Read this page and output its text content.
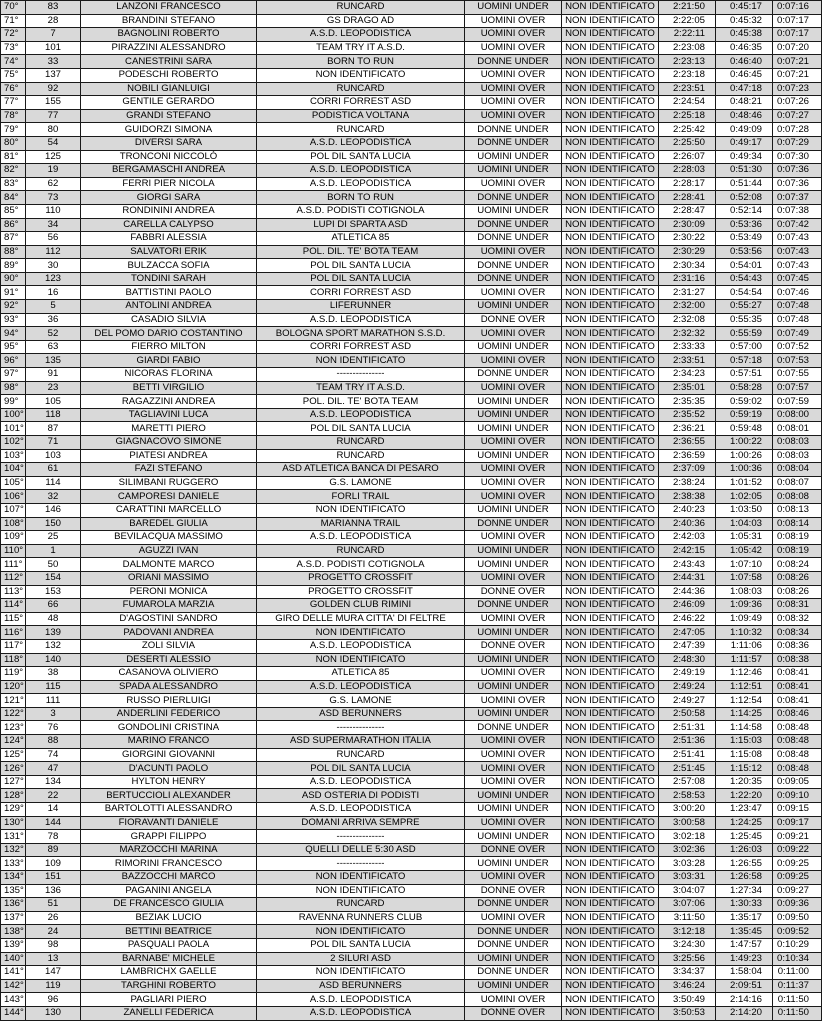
70°	83	LANZONI FRANCESCO	RUNCARD	UOMINI UNDER	NON IDENTIFICATO	2:21:50	0:45:17	0:07:16
71°	28	BRANDINI STEFANO	GS DRAGO AD	UOMINI OVER	NON IDENTIFICATO	2:22:05	0:45:32	0:07:17
72°	7	BAGNOLINI ROBERTO	A.S.D. LEOPODISTICA	UOMINI OVER	NON IDENTIFICATO	2:22:11	0:45:38	0:07:17
73°	101	PIRAZZINI ALESSANDRO	TEAM TRY IT A.S.D.	UOMINI OVER	NON IDENTIFICATO	2:23:08	0:46:35	0:07:20
74°	33	CANESTRINI SARA	BORN TO RUN	DONNE UNDER	NON IDENTIFICATO	2:23:13	0:46:40	0:07:21
75°	137	PODESCHI ROBERTO	NON IDENTIFICATO	UOMINI OVER	NON IDENTIFICATO	2:23:18	0:46:45	0:07:21
76°	92	NOBILI GIANLUIGI	RUNCARD	UOMINI OVER	NON IDENTIFICATO	2:23:51	0:47:18	0:07:23
77°	155	GENTILE GERARDO	CORRI FORREST ASD	UOMINI OVER	NON IDENTIFICATO	2:24:54	0:48:21	0:07:26
78°	77	GRANDI STEFANO	PODISTICA VOLTANA	UOMINI OVER	NON IDENTIFICATO	2:25:18	0:48:46	0:07:27
79°	80	GUIDORZI SIMONA	RUNCARD	DONNE UNDER	NON IDENTIFICATO	2:25:42	0:49:09	0:07:28
80°	54	DIVERSI SARA	A.S.D. LEOPODISTICA	DONNE UNDER	NON IDENTIFICATO	2:25:50	0:49:17	0:07:29
81°	125	TRONCONI NICCOLÒ	POL DIL SANTA LUCIA	UOMINI UNDER	NON IDENTIFICATO	2:26:07	0:49:34	0:07:30
82°	19	BERGAMASCHI ANDREA	A.S.D. LEOPODISTICA	UOMINI UNDER	NON IDENTIFICATO	2:28:03	0:51:30	0:07:36
83°	62	FERRI PIER NICOLA	A.S.D. LEOPODISTICA	UOMINI OVER	NON IDENTIFICATO	2:28:17	0:51:44	0:07:36
84°	73	GIORGI SARA	BORN TO RUN	DONNE UNDER	NON IDENTIFICATO	2:28:41	0:52:08	0:07:37
85°	110	RONDININI ANDREA	A.S.D. PODISTI COTIGNOLA	UOMINI UNDER	NON IDENTIFICATO	2:28:47	0:52:14	0:07:38
86°	34	CARELLA CALYPSO	LUPI DI SPARTA ASD	DONNE UNDER	NON IDENTIFICATO	2:30:09	0:53:36	0:07:42
87°	56	FABBRI ALESSIA	ATLETICA 85	DONNE UNDER	NON IDENTIFICATO	2:30:22	0:53:49	0:07:43
88°	112	SALVATORI ERIK	POL. DIL. TE' BOTA TEAM	UOMINI OVER	NON IDENTIFICATO	2:30:29	0:53:56	0:07:43
89°	30	BULZACCA SOFIA	POL DIL SANTA LUCIA	DONNE UNDER	NON IDENTIFICATO	2:30:34	0:54:01	0:07:43
90°	123	TONDINI SARAH	POL DIL SANTA LUCIA	DONNE UNDER	NON IDENTIFICATO	2:31:16	0:54:43	0:07:45
91°	16	BATTISTINI PAOLO	CORRI FORREST ASD	UOMINI OVER	NON IDENTIFICATO	2:31:27	0:54:54	0:07:46
92°	5	ANTOLINI ANDREA	LIFERUNNER	UOMINI UNDER	NON IDENTIFICATO	2:32:00	0:55:27	0:07:48
93°	36	CASADIO SILVIA	A.S.D. LEOPODISTICA	DONNE OVER	NON IDENTIFICATO	2:32:08	0:55:35	0:07:48
94°	52	DEL POMO DARIO COSTANTINO	BOLOGNA SPORT MARATHON S.S.D.	UOMINI OVER	NON IDENTIFICATO	2:32:32	0:55:59	0:07:49
95°	63	FIERRO MILTON	CORRI FORREST ASD	UOMINI UNDER	NON IDENTIFICATO	2:33:33	0:57:00	0:07:52
96°	135	GIARDI FABIO	NON IDENTIFICATO	UOMINI OVER	NON IDENTIFICATO	2:33:51	0:57:18	0:07:53
97°	91	NICORAS FLORINA	---------------	DONNE UNDER	NON IDENTIFICATO	2:34:23	0:57:51	0:07:55
98°	23	BETTI VIRGILIO	TEAM TRY IT A.S.D.	UOMINI OVER	NON IDENTIFICATO	2:35:01	0:58:28	0:07:57
99°	105	RAGAZZINI ANDREA	POL. DIL. TE' BOTA TEAM	UOMINI UNDER	NON IDENTIFICATO	2:35:35	0:59:02	0:07:59
100°	118	TAGLIAVINI LUCA	A.S.D. LEOPODISTICA	UOMINI UNDER	NON IDENTIFICATO	2:35:52	0:59:19	0:08:00
101°	87	MARETTI PIERO	POL DIL SANTA LUCIA	UOMINI UNDER	NON IDENTIFICATO	2:36:21	0:59:48	0:08:01
102°	71	GIAGNACOVO SIMONE	RUNCARD	UOMINI OVER	NON IDENTIFICATO	2:36:55	1:00:22	0:08:03
103°	103	PIATESI ANDREA	RUNCARD	UOMINI UNDER	NON IDENTIFICATO	2:36:59	1:00:26	0:08:03
104°	61	FAZI STEFANO	ASD ATLETICA BANCA DI PESARO	UOMINI OVER	NON IDENTIFICATO	2:37:09	1:00:36	0:08:04
105°	114	SILIMBANI RUGGERO	G.S. LAMONE	UOMINI OVER	NON IDENTIFICATO	2:38:24	1:01:52	0:08:07
106°	32	CAMPORESI DANIELE	FORLI TRAIL	UOMINI OVER	NON IDENTIFICATO	2:38:38	1:02:05	0:08:08
107°	146	CARATTINI MARCELLO	NON IDENTIFICATO	UOMINI UNDER	NON IDENTIFICATO	2:40:23	1:03:50	0:08:13
108°	150	BAREDEL GIULIA	MARIANNA TRAIL	DONNE UNDER	NON IDENTIFICATO	2:40:36	1:04:03	0:08:14
109°	25	BEVILACQUA MASSIMO	A.S.D. LEOPODISTICA	UOMINI OVER	NON IDENTIFICATO	2:42:03	1:05:31	0:08:19
110°	1	AGUZZI IVAN	RUNCARD	UOMINI UNDER	NON IDENTIFICATO	2:42:15	1:05:42	0:08:19
111°	50	DALMONTE MARCO	A.S.D. PODISTI COTIGNOLA	UOMINI UNDER	NON IDENTIFICATO	2:43:43	1:07:10	0:08:24
112°	154	ORIANI MASSIMO	PROGETTO CROSSFIT	UOMINI OVER	NON IDENTIFICATO	2:44:31	1:07:58	0:08:26
113°	153	PERONI MONICA	PROGETTO CROSSFIT	DONNE OVER	NON IDENTIFICATO	2:44:36	1:08:03	0:08:26
114°	66	FUMAROLA MARZIA	GOLDEN CLUB RIMINI	DONNE UNDER	NON IDENTIFICATO	2:46:09	1:09:36	0:08:31
115°	48	D'AGOSTINI SANDRO	GIRO DELLE MURA CITTA' DI FELTRE	UOMINI OVER	NON IDENTIFICATO	2:46:22	1:09:49	0:08:32
116°	139	PADOVANI ANDREA	NON IDENTIFICATO	UOMINI UNDER	NON IDENTIFICATO	2:47:05	1:10:32	0:08:34
117°	132	ZOLI SILVIA	A.S.D. LEOPODISTICA	DONNE OVER	NON IDENTIFICATO	2:47:39	1:11:06	0:08:36
118°	140	DESERTI ALESSIO	NON IDENTIFICATO	UOMINI UNDER	NON IDENTIFICATO	2:48:30	1:11:57	0:08:38
119°	38	CASANOVA OLIVIERO	ATLETICA 85	UOMINI OVER	NON IDENTIFICATO	2:49:19	1:12:46	0:08:41
120°	115	SPADA ALESSANDRO	A.S.D. LEOPODISTICA	UOMINI UNDER	NON IDENTIFICATO	2:49:24	1:12:51	0:08:41
121°	111	RUSSO PIERLUIGI	G.S. LAMONE	UOMINI OVER	NON IDENTIFICATO	2:49:27	1:12:54	0:08:41
122°	3	ANDERLINI FEDERICO	ASD BERUNNERS	UOMINI UNDER	NON IDENTIFICATO	2:50:58	1:14:25	0:08:46
123°	76	GONDOLINI CRISTINA	---------------	DONNE UNDER	NON IDENTIFICATO	2:51:31	1:14:58	0:08:48
124°	88	MARINO FRANCO	ASD SUPERMARATHON ITALIA	UOMINI OVER	NON IDENTIFICATO	2:51:36	1:15:03	0:08:48
125°	74	GIORGINI GIOVANNI	RUNCARD	UOMINI OVER	NON IDENTIFICATO	2:51:41	1:15:08	0:08:48
126°	47	D'ACUNTI PAOLO	POL DIL SANTA LUCIA	UOMINI OVER	NON IDENTIFICATO	2:51:45	1:15:12	0:08:48
127°	134	HYLTON HENRY	A.S.D. LEOPODISTICA	UOMINI OVER	NON IDENTIFICATO	2:57:08	1:20:35	0:09:05
128°	22	BERTUCCIOLI ALEXANDER	ASD OSTERIA DI PODISTI	UOMINI UNDER	NON IDENTIFICATO	2:58:53	1:22:20	0:09:10
129°	14	BARTOLOTTI ALESSANDRO	A.S.D. LEOPODISTICA	UOMINI UNDER	NON IDENTIFICATO	3:00:20	1:23:47	0:09:15
130°	144	FIORAVANTI DANIELE	DOMANI ARRIVA SEMPRE	UOMINI OVER	NON IDENTIFICATO	3:00:58	1:24:25	0:09:17
131°	78	GRAPPI FILIPPO	---------------	UOMINI UNDER	NON IDENTIFICATO	3:02:18	1:25:45	0:09:21
132°	89	MARZOCCHI MARINA	QUELLI DELLE 5:30 ASD	DONNE OVER	NON IDENTIFICATO	3:02:36	1:26:03	0:09:22
133°	109	RIMORINI FRANCESCO	---------------	UOMINI UNDER	NON IDENTIFICATO	3:03:28	1:26:55	0:09:25
134°	151	BAZZOCCHI MARCO	NON IDENTIFICATO	UOMINI OVER	NON IDENTIFICATO	3:03:31	1:26:58	0:09:25
135°	136	PAGANINI ANGELA	NON IDENTIFICATO	DONNE OVER	NON IDENTIFICATO	3:04:07	1:27:34	0:09:27
136°	51	DE FRANCESCO GIULIA	RUNCARD	DONNE UNDER	NON IDENTIFICATO	3:07:06	1:30:33	0:09:36
137°	26	BEZIAK LUCIO	RAVENNA RUNNERS CLUB	UOMINI OVER	NON IDENTIFICATO	3:11:50	1:35:17	0:09:50
138°	24	BETTINI BEATRICE	NON IDENTIFICATO	DONNE UNDER	NON IDENTIFICATO	3:12:18	1:35:45	0:09:52
139°	98	PASQUALI PAOLA	POL DIL SANTA LUCIA	DONNE UNDER	NON IDENTIFICATO	3:24:30	1:47:57	0:10:29
140°	13	BARNABE' MICHELE	2 SILURI ASD	UOMINI UNDER	NON IDENTIFICATO	3:25:56	1:49:23	0:10:34
141°	147	LAMBRICHX GAELLE	NON IDENTIFICATO	DONNE UNDER	NON IDENTIFICATO	3:34:37	1:58:04	0:11:00
142°	119	TARGHINI ROBERTO	ASD BERUNNERS	UOMINI UNDER	NON IDENTIFICATO	3:46:24	2:09:51	0:11:37
143°	96	PAGLIARI PIERO	A.S.D. LEOPODISTICA	UOMINI OVER	NON IDENTIFICATO	3:50:49	2:14:16	0:11:50
144°	130	ZANELLI FEDERICA	A.S.D. LEOPODISTICA	DONNE OVER	NON IDENTIFICATO	3:50:53	2:14:20	0:11:50
